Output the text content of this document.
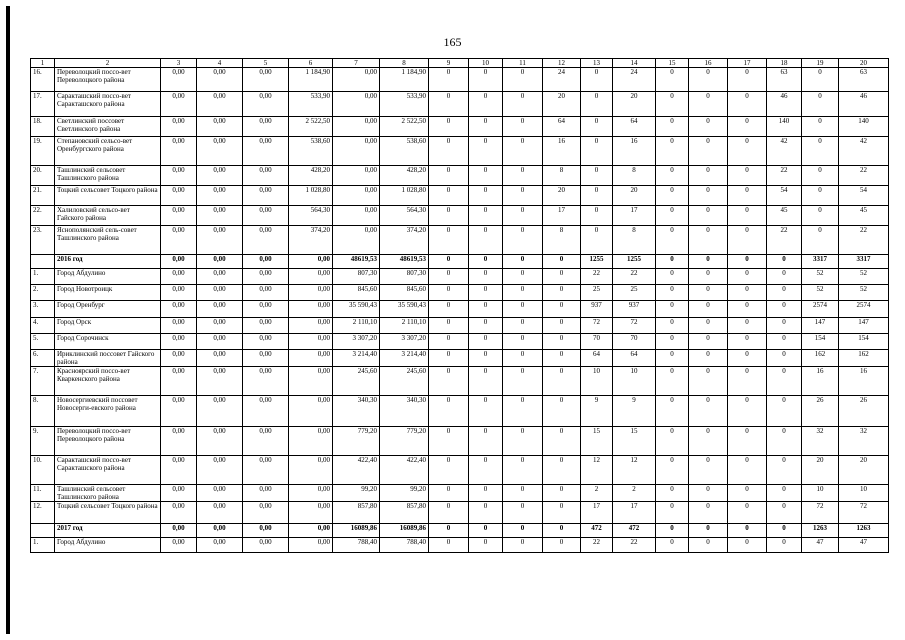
165
1	2	3	4	5	6	7	8	9	10	11	12	13	14	15	16	17	18	19	20
16.	Переволоцкий поссо-вет Переволоцкого района	0,00	0,00	0,00	1 184,90	0,00	1 184,90	0	0	0	24	0	24	0	0	0	63	0	63
17.	Саракташский поссо-вет Саракташского района	0,00	0,00	0,00	533,90	0,00	533,90	0	0	0	20	0	20	0	0	0	46	0	46
18.	Светлинский поссовет Светлинского района	0,00	0,00	0,00	2 522,50	0,00	2 522,50	0	0	0	64	0	64	0	0	0	140	0	140
19.	Степановский сельсо-вет Оренбургского района	0,00	0,00	0,00	538,60	0,00	538,60	0	0	0	16	0	16	0	0	0	42	0	42
20.	Ташлинский сельсовет Ташлинского района	0,00	0,00	0,00	428,20	0,00	428,20	0	0	0	8	0	8	0	0	0	22	0	22
21.	Тоцкий сельсовет Тоцкого района	0,00	0,00	0,00	1 028,80	0,00	1 028,80	0	0	0	20	0	20	0	0	0	54	0	54
22.	Халиловский сельсо-вет Гайского района	0,00	0,00	0,00	564,30	0,00	564,30	0	0	0	17	0	17	0	0	0	45	0	45
23.	Яснополянский сель-совет Ташлинского района	0,00	0,00	0,00	374,20	0,00	374,20	0	0	0	8	0	8	0	0	0	22	0	22
	2016 год	0,00	0,00	0,00	0,00	48619,53	48619,53	0	0	0	0	1255	1255	0	0	0	0	3317	3317
1.	Город Абдулино	0,00	0,00	0,00	0,00	807,30	807,30	0	0	0	0	22	22	0	0	0	0	52	52
2.	Город Новотроицк	0,00	0,00	0,00	0,00	845,60	845,60	0	0	0	0	25	25	0	0	0	0	52	52
3.	Город Оренбург	0,00	0,00	0,00	0,00	35 590,43	35 590,43	0	0	0	0	937	937	0	0	0	0	2574	2574
4.	Город Орск	0,00	0,00	0,00	0,00	2 110,10	2 110,10	0	0	0	0	72	72	0	0	0	0	147	147
5.	Город Сорочинск	0,00	0,00	0,00	0,00	3 307,20	3 307,20	0	0	0	0	70	70	0	0	0	0	154	154
6.	Ириклинский поссовет Гайского района	0,00	0,00	0,00	0,00	3 214,40	3 214,40	0	0	0	0	64	64	0	0	0	0	162	162
7.	Красноярский поссо-вет Кваркенского района	0,00	0,00	0,00	0,00	245,60	245,60	0	0	0	0	10	10	0	0	0	0	16	16
8.	Новосергиевский поссовет Новосерги-евского района	0,00	0,00	0,00	0,00	340,30	340,30	0	0	0	0	9	9	0	0	0	0	26	26
9.	Переволоцкий поссо-вет Переволоцкого района	0,00	0,00	0,00	0,00	779,20	779,20	0	0	0	0	15	15	0	0	0	0	32	32
10.	Саракташский поссо-вет Саракташского района	0,00	0,00	0,00	0,00	422,40	422,40	0	0	0	0	12	12	0	0	0	0	20	20
11.	Ташлинский сельсовет Ташлинского района	0,00	0,00	0,00	0,00	99,20	99,20	0	0	0	0	2	2	0	0	0	0	10	10
12.	Тоцкий сельсовет Тоцкого района	0,00	0,00	0,00	0,00	857,80	857,80	0	0	0	0	17	17	0	0	0	0	72	72
	2017 год	0,00	0,00	0,00	0,00	16089,86	16089,86	0	0	0	0	472	472	0	0	0	0	1263	1263
1.	Город Абдулино	0,00	0,00	0,00	0,00	788,40	788,40	0	0	0	0	22	22	0	0	0	0	47	47
